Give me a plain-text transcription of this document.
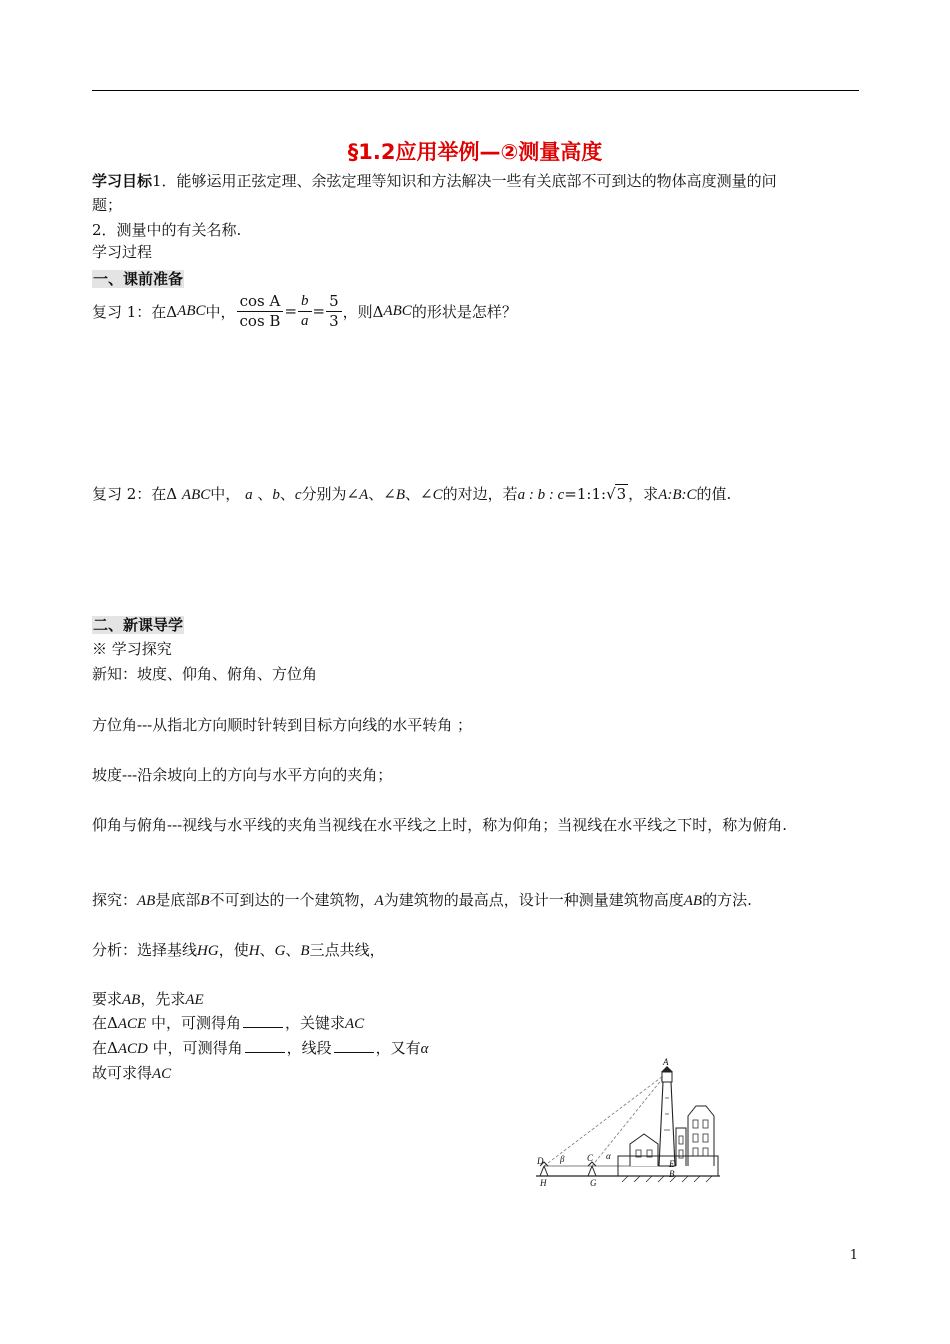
§1.2应用举例—②测量高度
学习目标1．能够运用正弦定理、余弦定理等知识和方法解决一些有关底部不可到达的物体高度测量的问
题；
2．测量中的有关名称.
学习过程
一、课前准备
复习 1：在Δ ABC 中， $\frac{\text{cos A}}{\text{cos B}} = \frac{b}{a} = \frac{5}{3}$ ，则Δ ABC 的形状是怎样？
复习 2：在Δ ABC中， a 、b、c分别为∠A、∠B、∠C的对边，若a : b : c=1:1:√3 ，求A:B:C的值.
二、新课导学
※ 学习探究
新知：坡度、仰角、俯角、方位角
方位角---从指北方向顺时针转到目标方向线的水平转角 ；
坡度---沿余坡向上的方向与水平方向的夹角；
仰角与俯角---视线与水平线的夹角当视线在水平线之上时，称为仰角；当视线在水平线之下时，称为俯角.
探究：AB是底部B不可到达的一个建筑物，A为建筑物的最高点，设计一种测量建筑物高度AB的方法.
分析：选择基线HG，使H、G、B三点共线，
要求AB，先求AE
在ΔACE 中，可测得角	，关键求AC
在ΔACD 中，可测得角	，线段	，又有α
故可求得AC
A
D β	C α
E
B
H	G
1
